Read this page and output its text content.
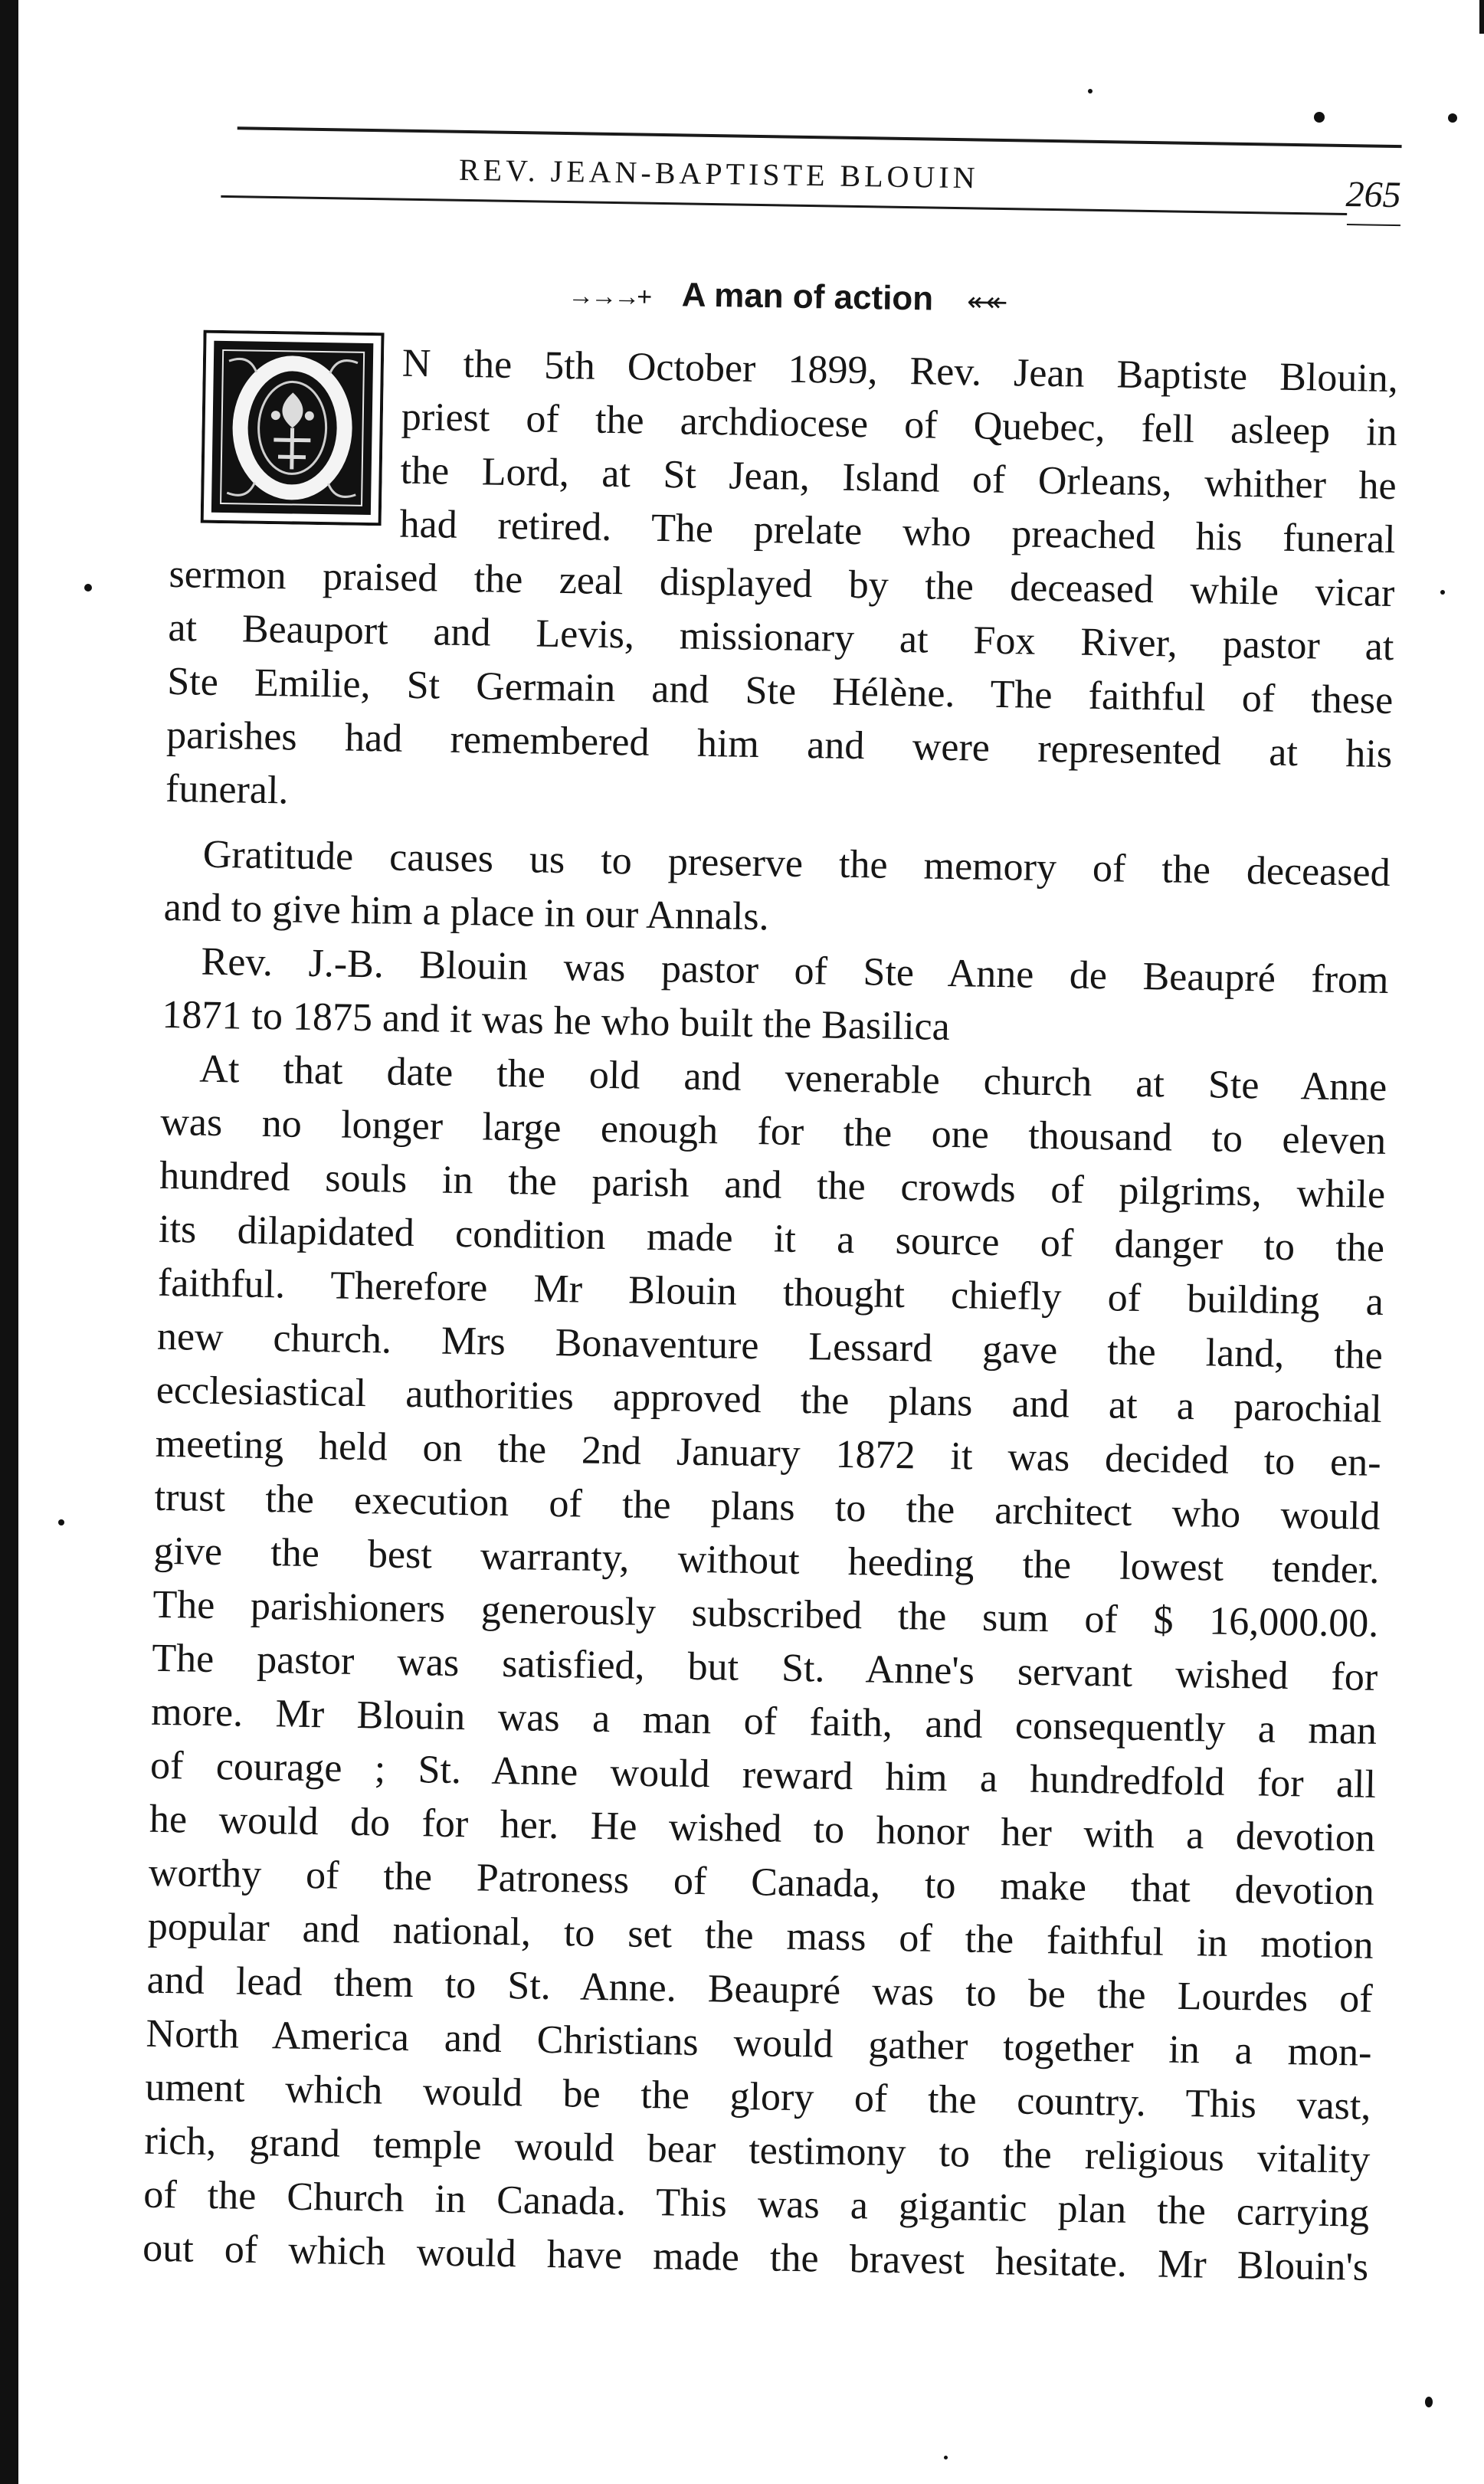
REV. JEAN-BAPTISTE BLOUIN	265
→→→+ A man of action ↞↞
N the 5th October 1899, Rev. Jean Baptiste Blouin,
priest of the archdiocese of Quebec, fell asleep in
the Lord, at St Jean, Island of Orleans, whither he
had retired. The prelate who preached his funeral
sermon praised the zeal displayed by the deceased while vicar
at Beauport and Levis, missionary at Fox River, pastor at
Ste Emilie, St Germain and Ste Hélène. The faithful of these
parishes had remembered him and were represented at his
funeral.
Gratitude causes us to preserve the memory of the deceased
and to give him a place in our Annals.
Rev. J.-B. Blouin was pastor of Ste Anne de Beaupré from
1871 to 1875 and it was he who built the Basilica
At that date the old and venerable church at Ste Anne
was no longer large enough for the one thousand to eleven
hundred souls in the parish and the crowds of pilgrims, while
its dilapidated condition made it a source of danger to the
faithful. Therefore Mr Blouin thought chiefly of building a
new church. Mrs Bonaventure Lessard gave the land, the
ecclesiastical authorities approved the plans and at a parochial
meeting held on the 2nd January 1872 it was decided to en-
trust the execution of the plans to the architect who would
give the best warranty, without heeding the lowest tender.
The parishioners generously subscribed the sum of $ 16,000.00.
The pastor was satisfied, but St. Anne's servant wished for
more. Mr Blouin was a man of faith, and consequently a man
of courage ; St. Anne would reward him a hundredfold for all
he would do for her. He wished to honor her with a devotion
worthy of the Patroness of Canada, to make that devotion
popular and national, to set the mass of the faithful in motion
and lead them to St. Anne. Beaupré was to be the Lourdes of
North America and Christians would gather together in a mon-
ument which would be the glory of the country. This vast,
rich, grand temple would bear testimony to the religious vitality
of the Church in Canada. This was a gigantic plan the carrying
out of which would have made the bravest hesitate. Mr Blouin's
